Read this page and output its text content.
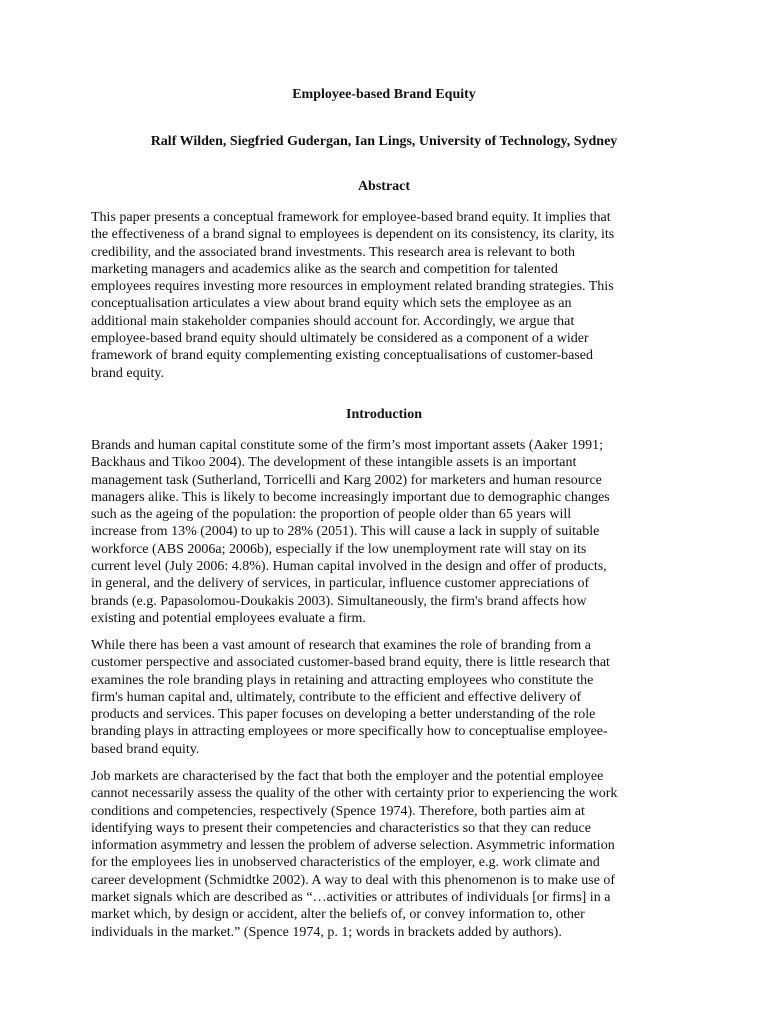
Employee-based Brand Equity
Ralf Wilden, Siegfried Gudergan, Ian Lings, University of Technology, Sydney
Abstract
This paper presents a conceptual framework for employee-based brand equity. It implies that
the effectiveness of a brand signal to employees is dependent on its consistency, its clarity, its
credibility, and the associated brand investments. This research area is relevant to both
marketing managers and academics alike as the search and competition for talented
employees requires investing more resources in employment related branding strategies. This
conceptualisation articulates a view about brand equity which sets the employee as an
additional main stakeholder companies should account for. Accordingly, we argue that
employee-based brand equity should ultimately be considered as a component of a wider
framework of brand equity complementing existing conceptualisations of customer-based
brand equity.
Introduction
Brands and human capital constitute some of the firm’s most important assets (Aaker 1991;
Backhaus and Tikoo 2004). The development of these intangible assets is an important
management task (Sutherland, Torricelli and Karg 2002) for marketers and human resource
managers alike. This is likely to become increasingly important due to demographic changes
such as the ageing of the population: the proportion of people older than 65 years will
increase from 13% (2004) to up to 28% (2051). This will cause a lack in supply of suitable
workforce (ABS 2006a; 2006b), especially if the low unemployment rate will stay on its
current level (July 2006: 4.8%). Human capital involved in the design and offer of products,
in general, and the delivery of services, in particular, influence customer appreciations of
brands (e.g. Papasolomou-Doukakis 2003). Simultaneously, the firm's brand affects how
existing and potential employees evaluate a firm.
While there has been a vast amount of research that examines the role of branding from a
customer perspective and associated customer-based brand equity, there is little research that
examines the role branding plays in retaining and attracting employees who constitute the
firm's human capital and, ultimately, contribute to the efficient and effective delivery of
products and services. This paper focuses on developing a better understanding of the role
branding plays in attracting employees or more specifically how to conceptualise employee-
based brand equity.
Job markets are characterised by the fact that both the employer and the potential employee
cannot necessarily assess the quality of the other with certainty prior to experiencing the work
conditions and competencies, respectively (Spence 1974). Therefore, both parties aim at
identifying ways to present their competencies and characteristics so that they can reduce
information asymmetry and lessen the problem of adverse selection. Asymmetric information
for the employees lies in unobserved characteristics of the employer, e.g. work climate and
career development (Schmidtke 2002). A way to deal with this phenomenon is to make use of
market signals which are described as “…activities or attributes of individuals [or firms] in a
market which, by design or accident, alter the beliefs of, or convey information to, other
individuals in the market.” (Spence 1974, p. 1; words in brackets added by authors).
